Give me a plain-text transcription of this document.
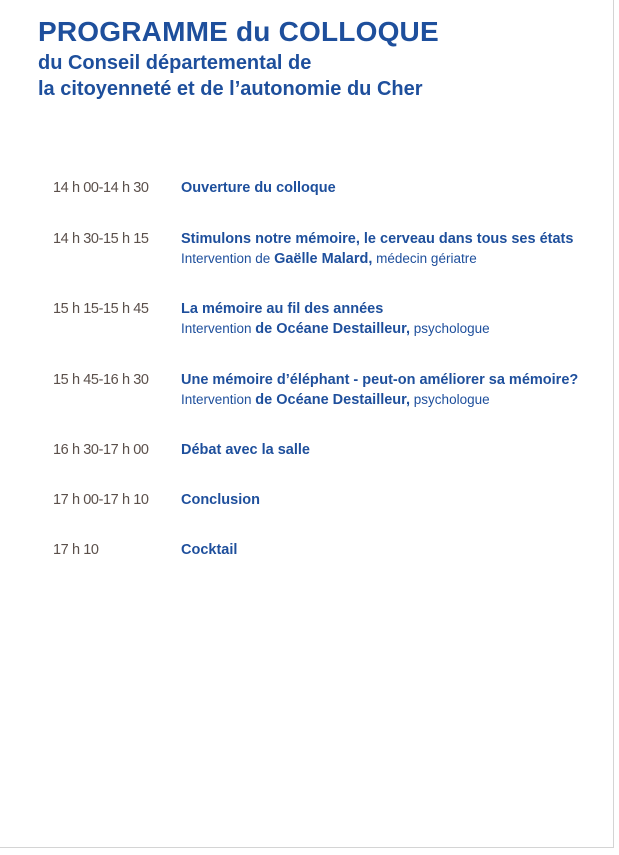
PROGRAMME du COLLOQUE
du Conseil départemental de
la citoyenneté et de l’autonomie du Cher
14 h 00-14 h 30	Ouverture du colloque
14 h 30-15 h 15	Stimulons notre mémoire, le cerveau dans tous ses états
Intervention de Gaëlle Malard, médecin gériatre
15 h 15-15 h 45	La mémoire au fil des années
Intervention de Océane Destailleur, psychologue
15 h 45-16 h 30	Une mémoire d’éléphant - peut-on améliorer sa mémoire?
Intervention de Océane Destailleur, psychologue
16 h 30-17 h 00	Débat avec la salle
17 h 00-17 h 10	Conclusion
17 h 10	Cocktail
